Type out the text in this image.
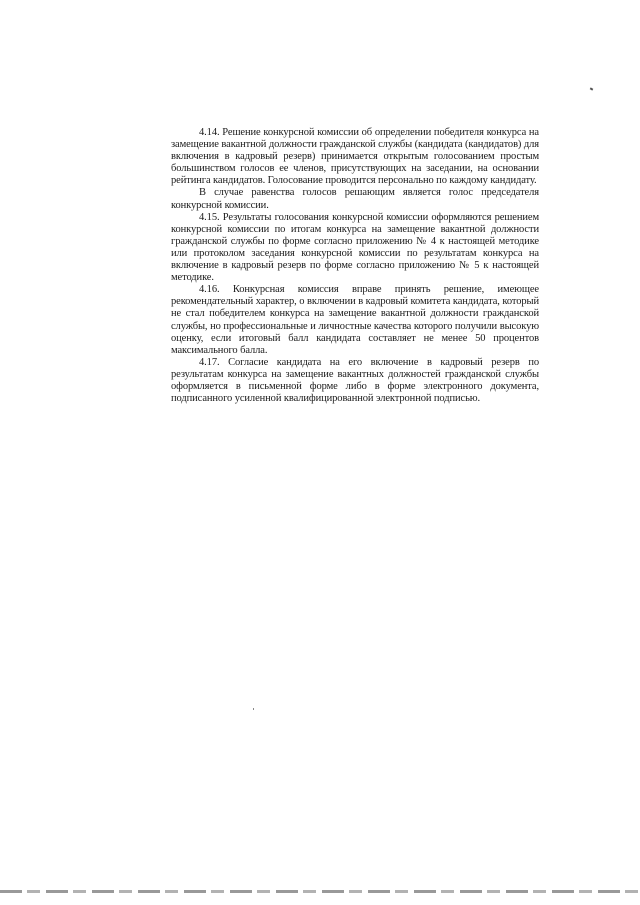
4.14. Решение конкурсной комиссии об определении победителя конкурса на замещение вакантной должности гражданской службы (кандидата (кандидатов) для включения в кадровый резерв) принимается открытым голосованием простым большинством голосов ее членов, присутствующих на заседании, на основании рейтинга кандидатов. Голосование проводится персонально по каждому кандидату.

В случае равенства голосов решающим является голос председателя конкурсной комиссии.

4.15. Результаты голосования конкурсной комиссии оформляются решением конкурсной комиссии по итогам конкурса на замещение вакантной должности гражданской службы по форме согласно приложению № 4 к настоящей методике или протоколом заседания конкурсной комиссии по результатам конкурса на включение в кадровый резерв по форме согласно приложению № 5 к настоящей методике.

4.16. Конкурсная комиссия вправе принять решение, имеющее рекомендательный характер, о включении в кадровый комитета кандидата, который не стал победителем конкурса на замещение вакантной должности гражданской службы, но профессиональные и личностные качества которого получили высокую оценку, если итоговый балл кандидата составляет не менее 50 процентов максимального балла.

4.17. Согласие кандидата на его включение в кадровый резерв по результатам конкурса на замещение вакантных должностей гражданской службы оформляется в письменной форме либо в форме электронного документа, подписанного усиленной квалифицированной электронной подписью.
